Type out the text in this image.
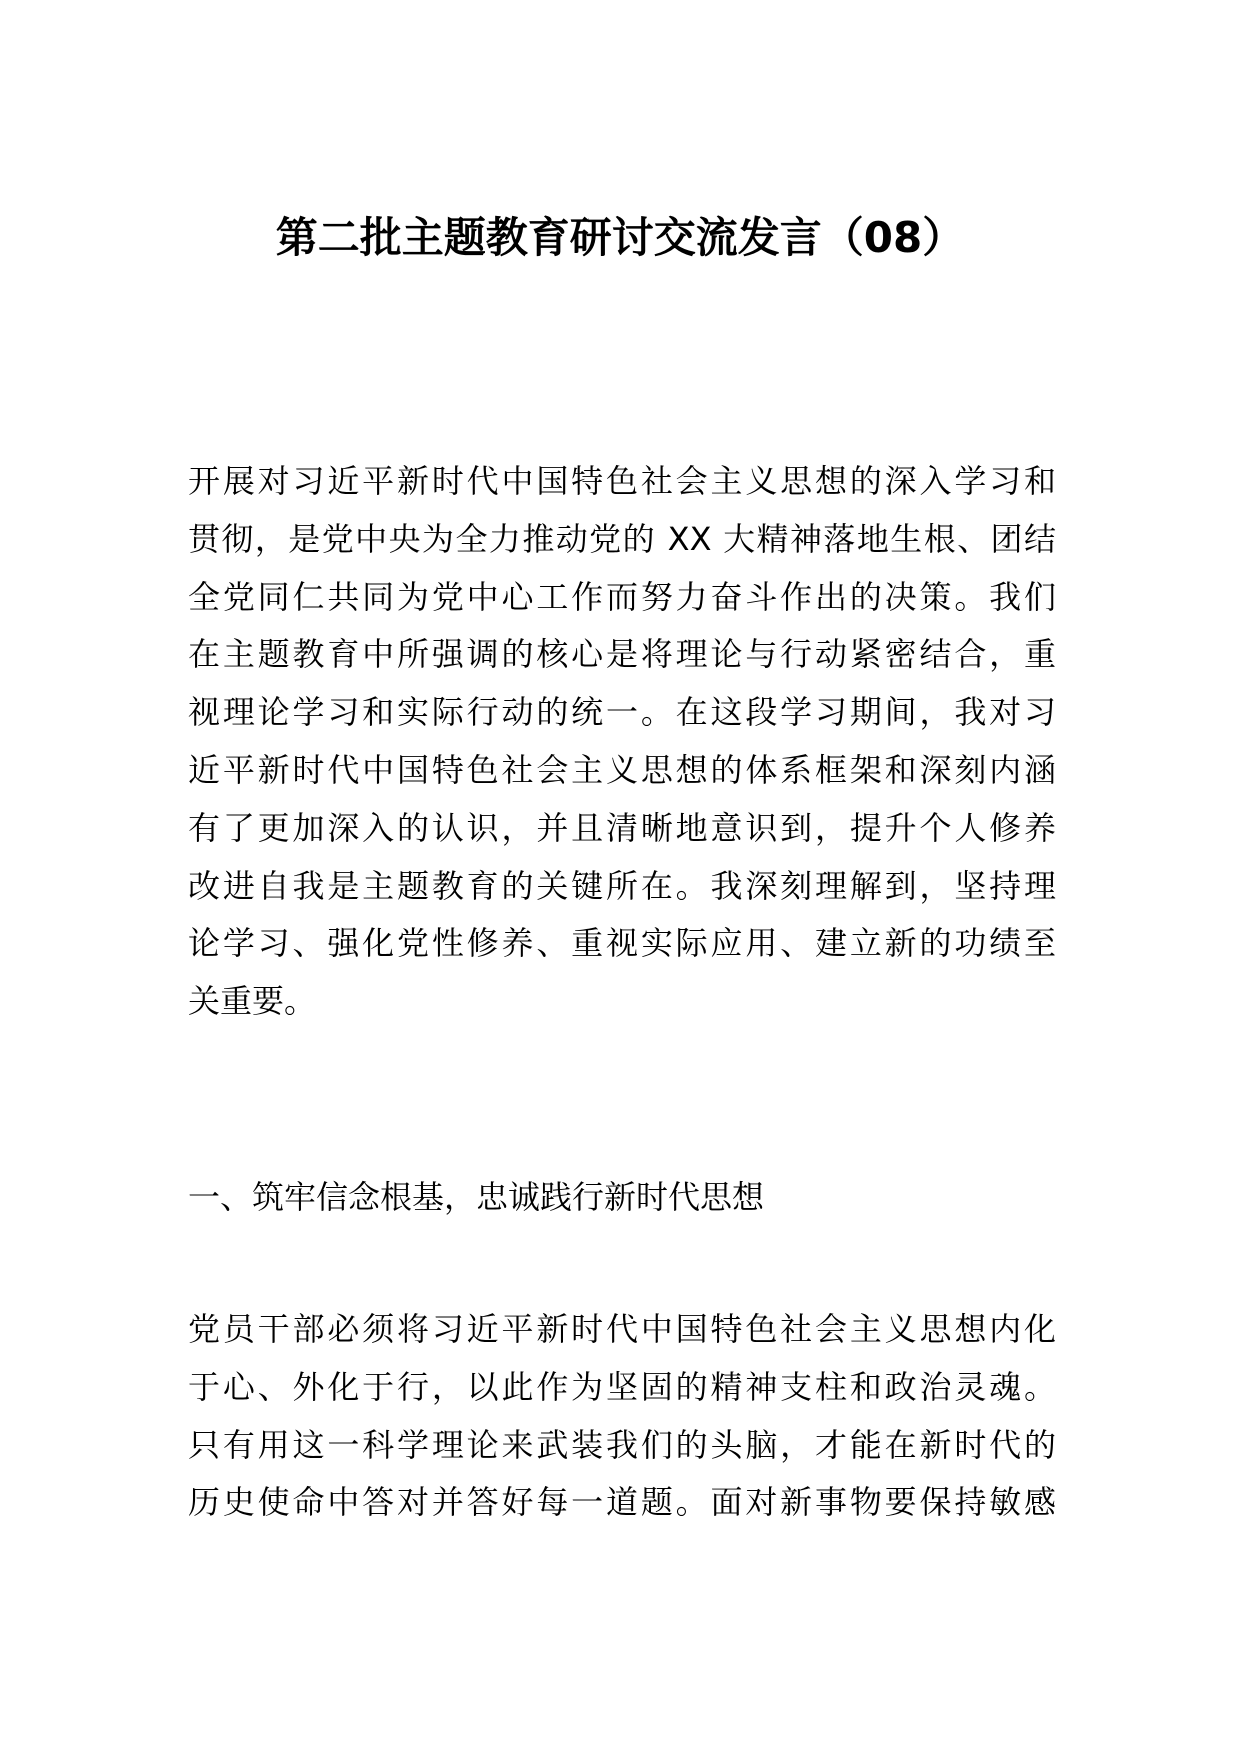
第二批主题教育研讨交流发言（08）
开展对习近平新时代中国特色社会主义思想的深入学习和
贯彻，是党中央为全力推动党的 XX 大精神落地生根、团结
全党同仁共同为党中心工作而努力奋斗作出的决策。我们
在主题教育中所强调的核心是将理论与行动紧密结合，重
视理论学习和实际行动的统一。在这段学习期间，我对习
近平新时代中国特色社会主义思想的体系框架和深刻内涵
有了更加深入的认识，并且清晰地意识到，提升个人修养
改进自我是主题教育的关键所在。我深刻理解到，坚持理
论学习、强化党性修养、重视实际应用、建立新的功绩至
关重要。
一、筑牢信念根基，忠诚践行新时代思想
党员干部必须将习近平新时代中国特色社会主义思想内化
于心、外化于行，以此作为坚固的精神支柱和政治灵魂。
只有用这一科学理论来武装我们的头脑，才能在新时代的
历史使命中答对并答好每一道题。面对新事物要保持敏感
